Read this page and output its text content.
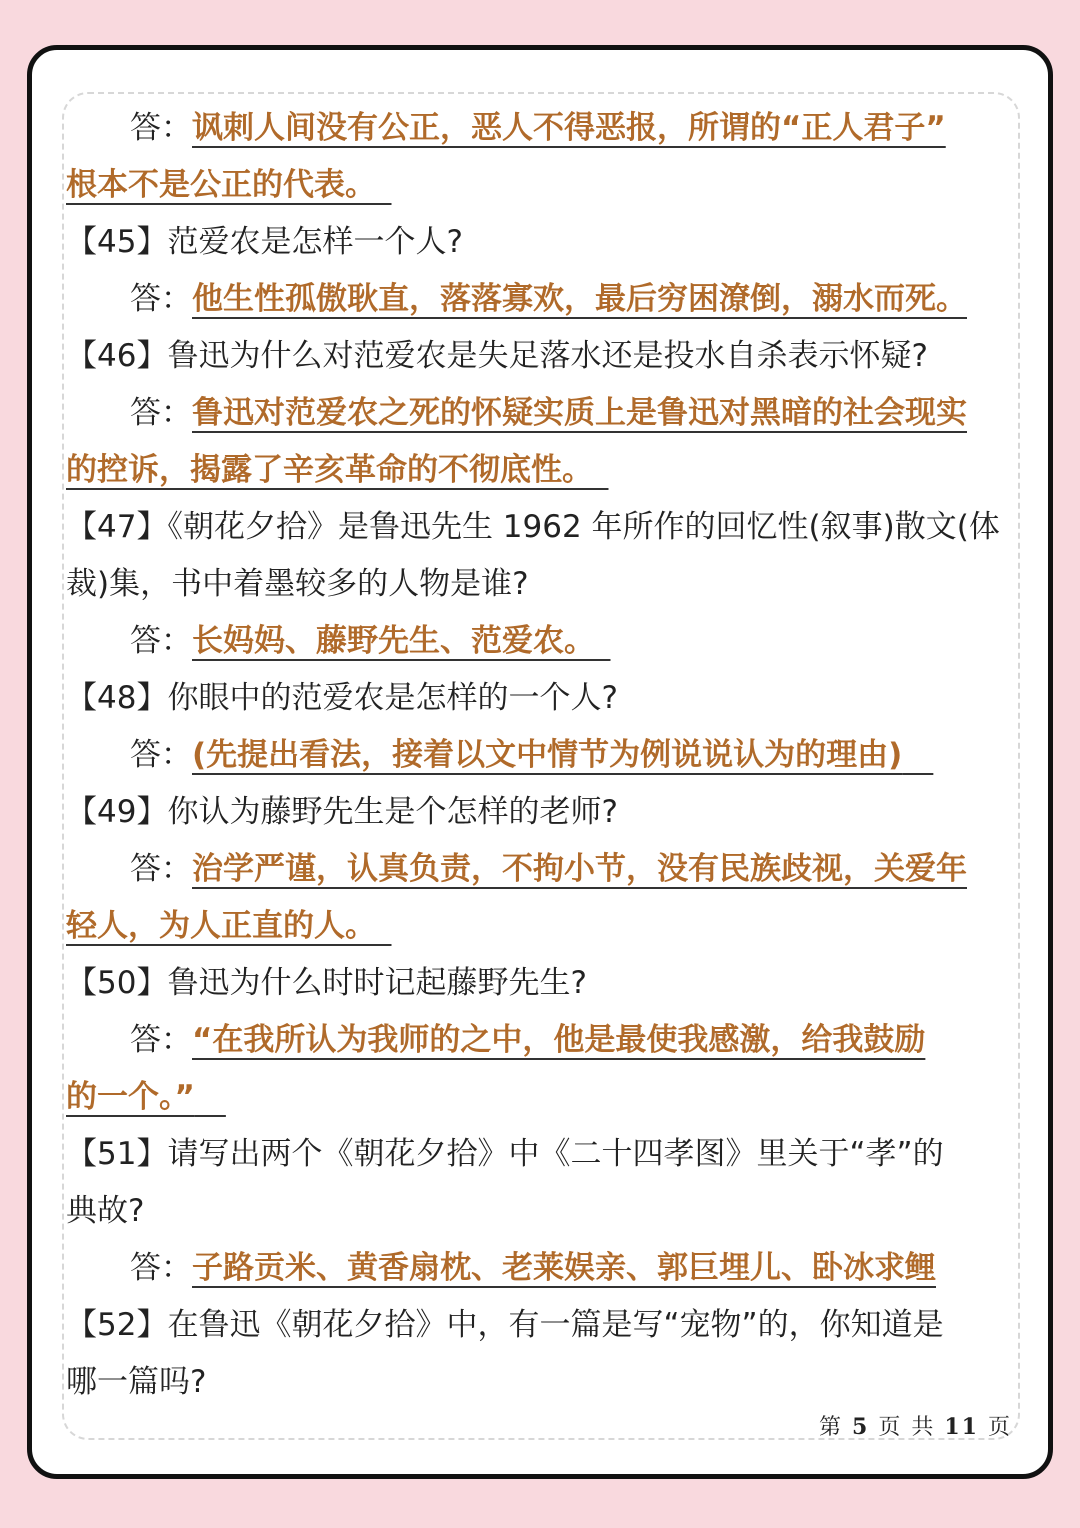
答：讽刺人间没有公正，恶人不得恶报，所谓的“正人君子”
根本不是公正的代表。　
【45】范爱农是怎样一个人?
答：他生性孤傲耿直，落落寡欢，最后穷困潦倒，溺水而死。
【46】鲁迅为什么对范爱农是失足落水还是投水自杀表示怀疑?
答：鲁迅对范爱农之死的怀疑实质上是鲁迅对黑暗的社会现实
的控诉，揭露了辛亥革命的不彻底性。　
【47】《朝花夕拾》是鲁迅先生 1962 年所作的回忆性(叙事)散文(体
裁)集，书中着墨较多的人物是谁?
答：长妈妈、藤野先生、范爱农。　
【48】你眼中的范爱农是怎样的一个人?
答：(先提出看法，接着以文中情节为例说说认为的理由)　
【49】你认为藤野先生是个怎样的老师?
答：治学严谨，认真负责，不拘小节，没有民族歧视，关爱年
轻人，为人正直的人。　
【50】鲁迅为什么时时记起藤野先生?
答：“在我所认为我师的之中，他是最使我感激，给我鼓励
的一个。”　
【51】请写出两个《朝花夕拾》中《二十四孝图》里关于“孝”的
典故?
答：子路贡米、黄香扇枕、老莱娱亲、郭巨埋儿、卧冰求鲤
【52】在鲁迅《朝花夕拾》中，有一篇是写“宠物”的，你知道是
哪一篇吗?
第 5 页 共 11 页
